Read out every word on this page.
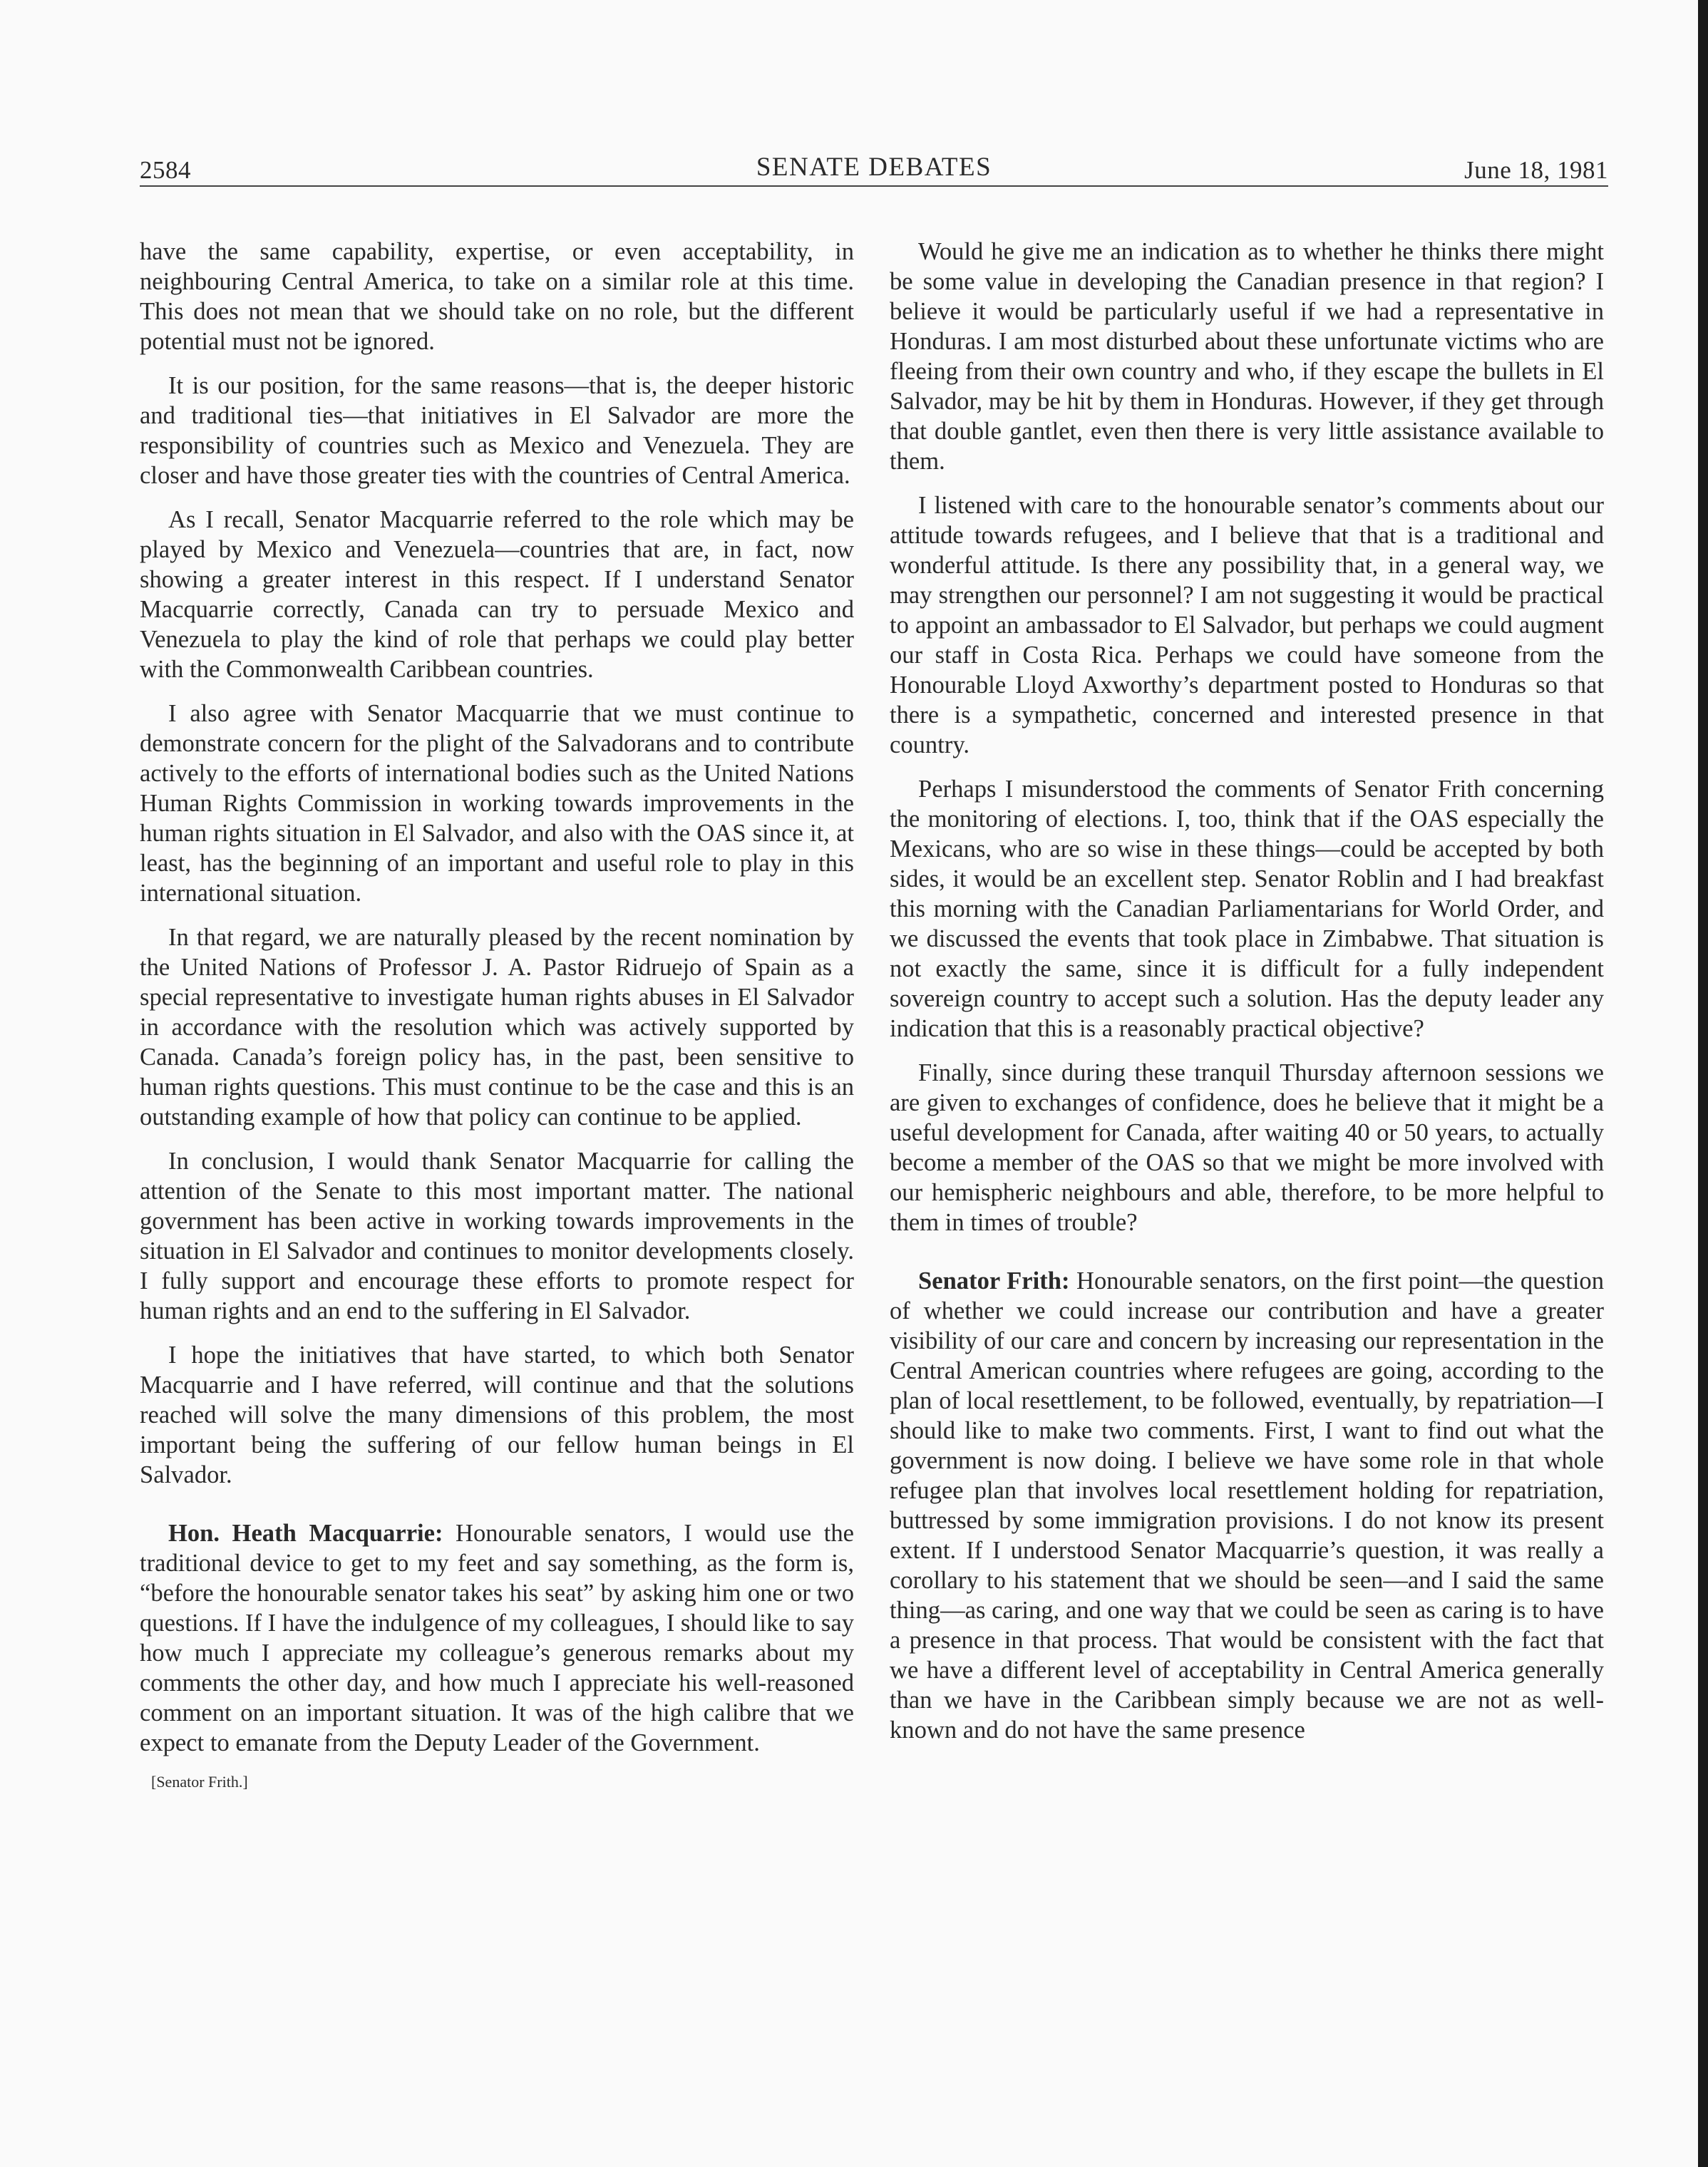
2584	SENATE DEBATES	June 18, 1981

have the same capability, expertise, or even acceptability, in neighbouring Central America, to take on a similar role at this time. This does not mean that we should take on no role, but the different potential must not be ignored.

It is our position, for the same reasons—that is, the deeper historic and traditional ties—that initiatives in El Salvador are more the responsibility of countries such as Mexico and Venezuela. They are closer and have those greater ties with the countries of Central America.

As I recall, Senator Macquarrie referred to the role which may be played by Mexico and Venezuela—countries that are, in fact, now showing a greater interest in this respect. If I understand Senator Macquarrie correctly, Canada can try to persuade Mexico and Venezuela to play the kind of role that perhaps we could play better with the Commonwealth Caribbean countries.

I also agree with Senator Macquarrie that we must continue to demonstrate concern for the plight of the Salvadorans and to contribute actively to the efforts of international bodies such as the United Nations Human Rights Commission in working towards improvements in the human rights situation in El Salvador, and also with the OAS since it, at least, has the beginning of an important and useful role to play in this international situation.

In that regard, we are naturally pleased by the recent nomination by the United Nations of Professor J. A. Pastor Ridruejo of Spain as a special representative to investigate human rights abuses in El Salvador in accordance with the resolution which was actively supported by Canada. Canada’s foreign policy has, in the past, been sensitive to human rights questions. This must continue to be the case and this is an outstanding example of how that policy can continue to be applied.

In conclusion, I would thank Senator Macquarrie for calling the attention of the Senate to this most important matter. The national government has been active in working towards improvements in the situation in El Salvador and continues to monitor developments closely. I fully support and encourage these efforts to promote respect for human rights and an end to the suffering in El Salvador.

I hope the initiatives that have started, to which both Senator Macquarrie and I have referred, will continue and that the solutions reached will solve the many dimensions of this problem, the most important being the suffering of our fellow human beings in El Salvador.

Hon. Heath Macquarrie: Honourable senators, I would use the traditional device to get to my feet and say something, as the form is, “before the honourable senator takes his seat” by asking him one or two questions. If I have the indulgence of my colleagues, I should like to say how much I appreciate my colleague’s generous remarks about my comments the other day, and how much I appreciate his well-reasoned comment on an important situation. It was of the high calibre that we expect to emanate from the Deputy Leader of the Government.

[Senator Frith.]

Would he give me an indication as to whether he thinks there might be some value in developing the Canadian presence in that region? I believe it would be particularly useful if we had a representative in Honduras. I am most disturbed about these unfortunate victims who are fleeing from their own country and who, if they escape the bullets in El Salvador, may be hit by them in Honduras. However, if they get through that double gantlet, even then there is very little assistance available to them.

I listened with care to the honourable senator’s comments about our attitude towards refugees, and I believe that that is a traditional and wonderful attitude. Is there any possibility that, in a general way, we may strengthen our personnel? I am not suggesting it would be practical to appoint an ambassador to El Salvador, but perhaps we could augment our staff in Costa Rica. Perhaps we could have someone from the Honourable Lloyd Axworthy’s department posted to Honduras so that there is a sympathetic, concerned and interested presence in that country.

Perhaps I misunderstood the comments of Senator Frith concerning the monitoring of elections. I, too, think that if the OAS especially the Mexicans, who are so wise in these things—could be accepted by both sides, it would be an excellent step. Senator Roblin and I had breakfast this morning with the Canadian Parliamentarians for World Order, and we discussed the events that took place in Zimbabwe. That situation is not exactly the same, since it is difficult for a fully independent sovereign country to accept such a solution. Has the deputy leader any indication that this is a reasonably practical objective?

Finally, since during these tranquil Thursday afternoon sessions we are given to exchanges of confidence, does he believe that it might be a useful development for Canada, after waiting 40 or 50 years, to actually become a member of the OAS so that we might be more involved with our hemispheric neighbours and able, therefore, to be more helpful to them in times of trouble?

Senator Frith: Honourable senators, on the first point—the question of whether we could increase our contribution and have a greater visibility of our care and concern by increasing our representation in the Central American countries where refugees are going, according to the plan of local resettlement, to be followed, eventually, by repatriation—I should like to make two comments. First, I want to find out what the government is now doing. I believe we have some role in that whole refugee plan that involves local resettlement holding for repatriation, buttressed by some immigration provisions. I do not know its present extent. If I understood Senator Macquarrie’s question, it was really a corollary to his statement that we should be seen—and I said the same thing—as caring, and one way that we could be seen as caring is to have a presence in that process. That would be consistent with the fact that we have a different level of acceptability in Central America generally than we have in the Caribbean simply because we are not as well-known and do not have the same presence
